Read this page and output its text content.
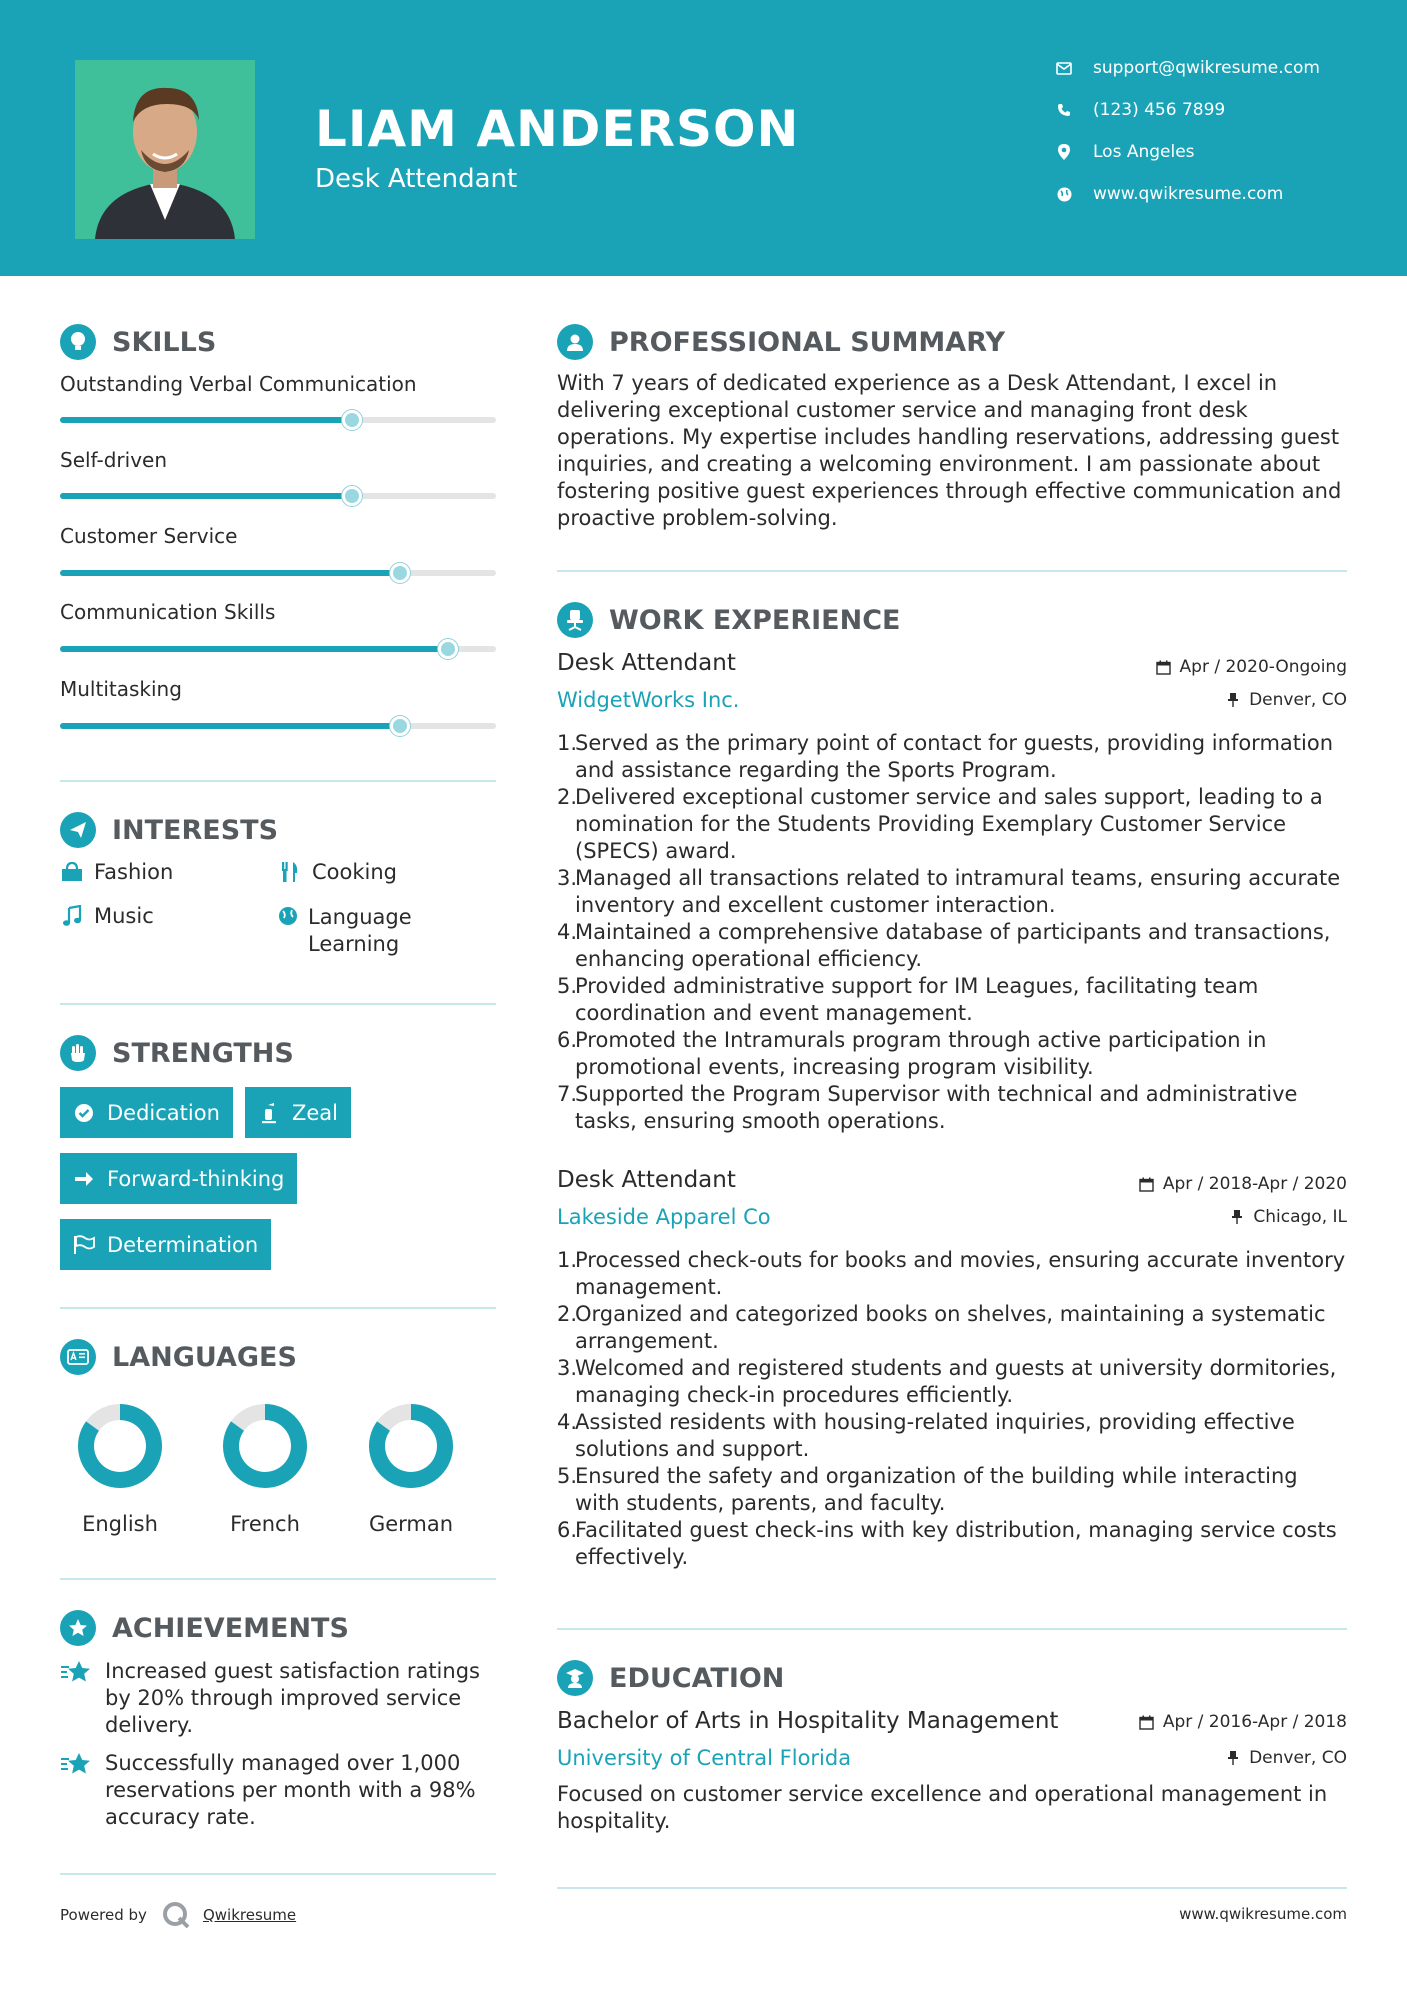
LIAM ANDERSON
Desk Attendant
support@qwikresume.com
(123) 456 7899
Los Angeles
www.qwikresume.com
SKILLS
Outstanding Verbal Communication
Self-driven
Customer Service
Communication Skills
Multitasking
INTERESTS
Fashion	Cooking
Music	Language Learning
STRENGTHS
Dedication	Zeal
Forward-thinking
Determination
LANGUAGES
English	French	German
ACHIEVEMENTS
Increased guest satisfaction ratings by 20% through improved service delivery.
Successfully managed over 1,000 reservations per month with a 98% accuracy rate.
PROFESSIONAL SUMMARY
With 7 years of dedicated experience as a Desk Attendant, I excel in delivering exceptional customer service and managing front desk operations. My expertise includes handling reservations, addressing guest inquiries, and creating a welcoming environment. I am passionate about fostering positive guest experiences through effective communication and proactive problem-solving.
WORK EXPERIENCE
Desk Attendant	Apr / 2020-Ongoing
WidgetWorks Inc.	Denver, CO
1.
Served as the primary point of contact for guests, providing information and assistance regarding the Sports Program.
2.
Delivered exceptional customer service and sales support, leading to a nomination for the Students Providing Exemplary Customer Service (SPECS) award.
3.
Managed all transactions related to intramural teams, ensuring accurate inventory and excellent customer interaction.
4.
Maintained a comprehensive database of participants and transactions, enhancing operational efficiency.
5.
Provided administrative support for IM Leagues, facilitating team coordination and event management.
6.
Promoted the Intramurals program through active participation in promotional events, increasing program visibility.
7.
Supported the Program Supervisor with technical and administrative tasks, ensuring smooth operations.
Desk Attendant	Apr / 2018-Apr / 2020
Lakeside Apparel Co	Chicago, IL
1.
Processed check-outs for books and movies, ensuring accurate inventory management.
2.
Organized and categorized books on shelves, maintaining a systematic arrangement.
3.
Welcomed and registered students and guests at university dormitories, managing check-in procedures efficiently.
4.
Assisted residents with housing-related inquiries, providing effective solutions and support.
5.
Ensured the safety and organization of the building while interacting with students, parents, and faculty.
6.
Facilitated guest check-ins with key distribution, managing service costs effectively.
EDUCATION
Bachelor of Arts in Hospitality Management	Apr / 2016-Apr / 2018
University of Central Florida	Denver, CO
Focused on customer service excellence and operational management in hospitality.
Powered by	Qwikresume	www.qwikresume.com
